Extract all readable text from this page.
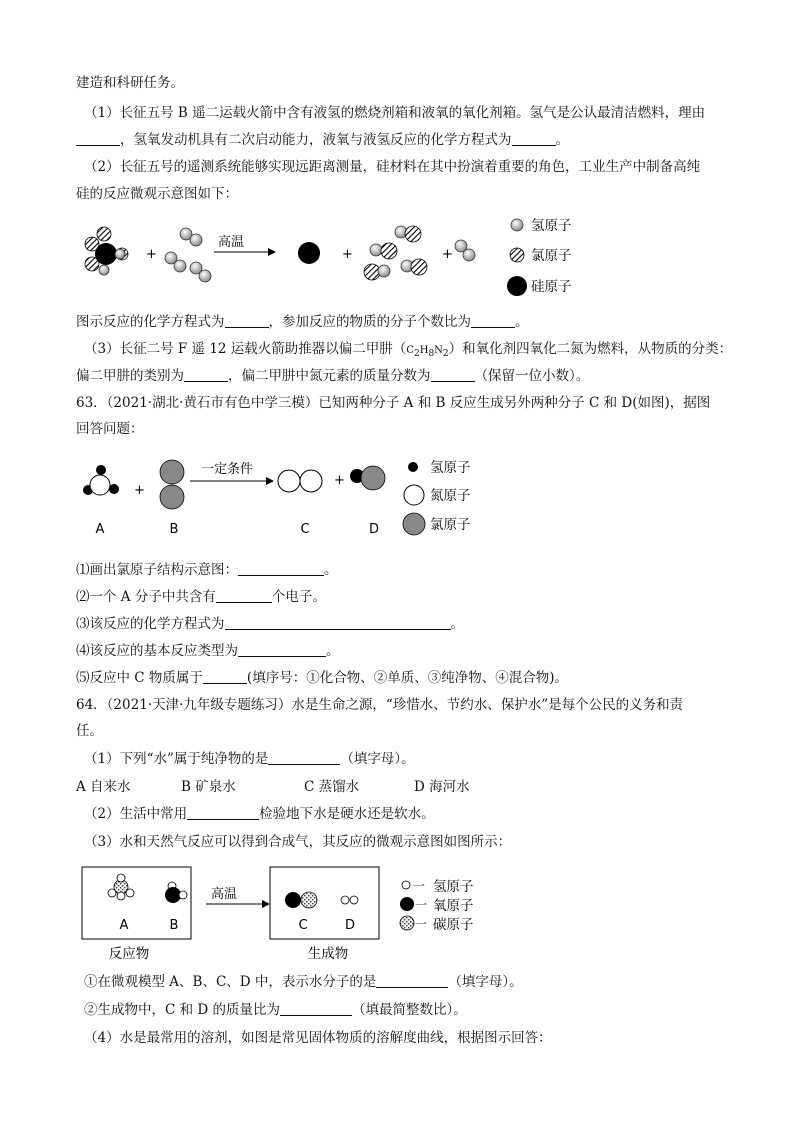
建造和科研任务。
（1）长征五号 B 遥二运载火箭中含有液氢的燃烧剂箱和液氧的氧化剂箱。氢气是公认最清洁燃料，理由
，氢氧发动机具有二次启动能力，液氧与液氢反应的化学方程式为	。
（2）长征五号的遥测系统能够实现远距离测量，硅材料在其中扮演着重要的角色，工业生产中制备高纯
硅的反应微观示意图如下：
+
高温
+	+
氢原子
氯原子
硅原子
图示反应的化学方程式为	，参加反应的物质的分子个数比为	。
（3）长征二号 F 遥 12 运载火箭助推器以偏二甲肼$(C_2H_8N_2)$和氧化剂四氧化二氮为燃料，从物质的分类：
偏二甲肼的类别为	，偏二甲肼中氮元素的质量分数为	（保留一位小数）。
63．（2021·湖北·黄石市有色中学三模）已知两种分子 A 和 B 反应生成另外两种分子 C 和 D(如图)，据图
回答问题：
+
一定条件
+
A	B	C	D
氢原子
氮原子
氯原子
⑴画出氯原子结构示意图：	。
⑵一个 A 分子中共含有	个电子。
⑶该反应的化学方程式为	。
⑷该反应的基本反应类型为	。
⑸反应中 C 物质属于	(填序号：①化合物、②单质、③纯净物、④混合物)。
64．（2021·天津·九年级专题练习）水是生命之源，“珍惜水、节约水、保护水”是每个公民的义务和责
任。
（1）下列“水”属于纯净物的是	（填字母）。
A 自来水	B 矿泉水	C 蒸馏水	D 海河水
（2）生活中常用	检验地下水是硬水还是软水。
（3）水和天然气反应可以得到合成气，其反应的微观示意图如图所示：
A	B
高温
C	D
反应物	生成物
一 氢原子
一 氧原子
一 碳原子
①在微观模型 A、B、C、D 中，表示水分子的是	（填字母）。
②生成物中，C 和 D 的质量比为	（填最简整数比）。
（4）水是最常用的溶剂，如图是常见固体物质的溶解度曲线，根据图示回答：
